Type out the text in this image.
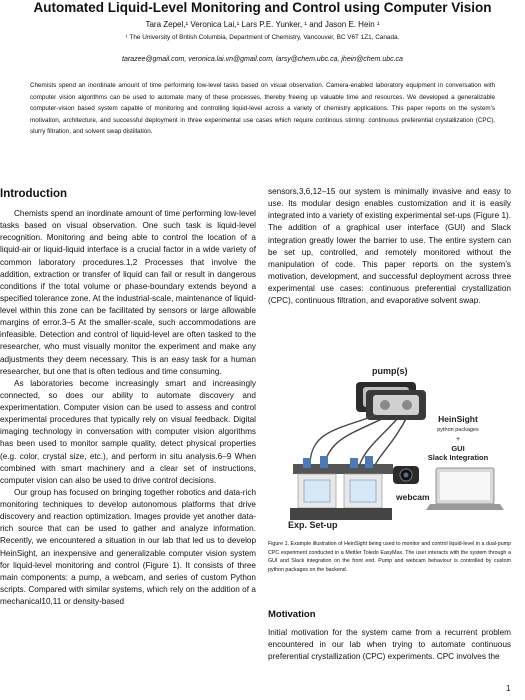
Automated Liquid-Level Monitoring and Control using Computer Vision
Tara Zepel,¹ Veronica Lai,¹ Lars P.E. Yunker, ¹ and Jason E. Hein ¹
¹ The University of British Columbia, Department of Chemistry, Vancouver, BC V6T 1Z1, Canada.
tarazee@gmail.com, veronica.lai.vn@gmail.com, larsy@chem.ubc.ca, jhein@chem.ubc.ca
Chemists spend an inordinate amount of time performing low-level tasks based on visual observation. Camera-enabled laboratory equipment in conversation with computer vision algorithms can be used to automate many of these processes, thereby freeing up valuable time and resources. We developed a generalizable computer-vision based system capable of monitoring and controlling liquid-level across a variety of chemistry applications. This paper reports on the system’s motivation, architecture, and successful deployment in three experimental use cases which require continous stirring: continuous preferential crystallization (CPC), slurry filtration, and solvent swap distillation.
Introduction

Chemists spend an inordinate amount of time performing low-level tasks based on visual observation. One such task is liquid-level recognition. Monitoring and being able to control the location of a liquid-air or liquid-liquid interface is a crucial factor in a wide variety of common laboratory procedures.1,2 Processes that involve the addition, extraction or transfer of liquid can fail or result in dangerous conditions if the total volume or phase-boundary extends beyond a specified tolerance zone. At the industrial-scale, maintenance of liquid-level within this zone can be facilitated by sensors or large allowable margins of error.3–5 At the smaller-scale, such accommodations are infeasible. Detection and control of liquid-level are often tasked to the researcher, who must visually monitor the experiment and make any adjustments they deem necessary. This is an easy task for a human researcher, but one that is often tedious and time consuming.

As laboratories become increasingly smart and increasingly connected, so does our ability to automate discovery and experimentation. Computer vision can be used to assess and control experimental procedures that typically rely on visual feedback. Digital imaging technology in conversation with computer vision algorithms has been used to monitor sample quality, detect physical properties (e.g. color, crystal size, etc.), and perform in situ analysis.6–9 When combined with smart machinery and a clear set of instructions, computer vision can also be used to drive control decisions.

Our group has focused on bringing together robotics and data-rich monitoring techniques to develop autonomous platforms that drive discovery and reaction optimization. Images provide yet another data-rich source that can be used to gather and analyze information. Recently, we encountered a situation in our lab that led us to develop HeinSight, an inexpensive and generalizable computer vision system for liquid-level monitoring and control (Figure 1). It consists of three main components: a pump, a webcam, and series of custom Python scripts. Compared with similar systems, which rely on the addition of a mechanical10,11 or density-based

sensors,3,6,12–15 our system is minimally invasive and easy to use. Its modular design enables customization and it is easily integrated into a variety of existing experimental set-ups (Figure 1). The addition of a graphical user interface (GUI) and Slack integration greatly lower the barrier to use. The entire system can be set up, controlled, and remotely monitored without the manipulation of code. This paper reports on the system’s motivation, development, and successful deployment across three experimental use cases: continuous preferential crystallization (CPC), continuous filtration, and evaporative solvent swap.

pump(s)
webcam
HeinSight
python packages
+
GUI
Slack Integration
Exp. Set-up
Figure 1. Example illustration of HeinSight being used to monitor and control liquid-level in a dual-pump CPC experiment conducted in a Mettler Toledo EasyMax. The user interacts with the system through a GUI and Slack integration on the front end. Pump and webcam behaviour is controlled by custom python packages on the backend.
Motivation

Initial motivation for the system came from a recurrent problem encountered in our lab when trying to automate continuous preferential crystallization (CPC) experiments. CPC involves the

1
